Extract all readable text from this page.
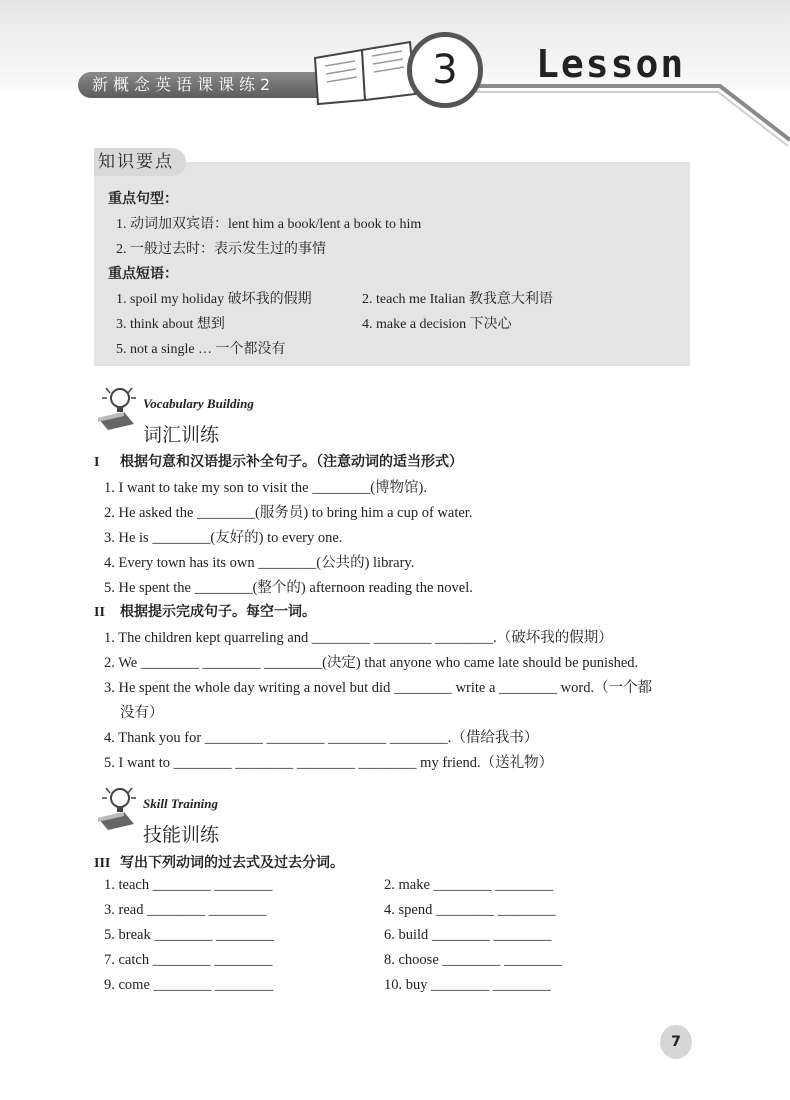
新概念英语课课练2	3	Lesson
知识要点
重点句型：
1. 动词加双宾语：lent him a book/lent a book to him
2. 一般过去时：表示发生过的事情
重点短语：
1. spoil my holiday 破坏我的假期	2. teach me Italian 教我意大利语
3. think about 想到	4. make a decision 下决心
5. not a single … 一个都没有
Vocabulary Building
词汇训练
I 根据句意和汉语提示补全句子。（注意动词的适当形式）
1. I want to take my son to visit the ________(博物馆).
2. He asked the ________(服务员) to bring him a cup of water.
3. He is ________(友好的) to every one.
4. Every town has its own ________(公共的) library.
5. He spent the ________(整个的) afternoon reading the novel.
II 根据提示完成句子。每空一词。
1. The children kept quarreling and ________ ________ ________.（破坏我的假期）
2. We ________ ________ ________(决定) that anyone who came late should be punished.
3. He spent the whole day writing a novel but did ________ write a ________ word.（一个都
没有）
4. Thank you for ________ ________ ________ ________.（借给我书）
5. I want to ________ ________ ________ ________ my friend.（送礼物）
Skill Training
技能训练
III 写出下列动词的过去式及过去分词。
1. teach ________ ________	2. make ________ ________
3. read ________ ________	4. spend ________ ________
5. break ________ ________	6. build ________ ________
7. catch ________ ________	8. choose ________ ________
9. come ________ ________	10. buy ________ ________
7
